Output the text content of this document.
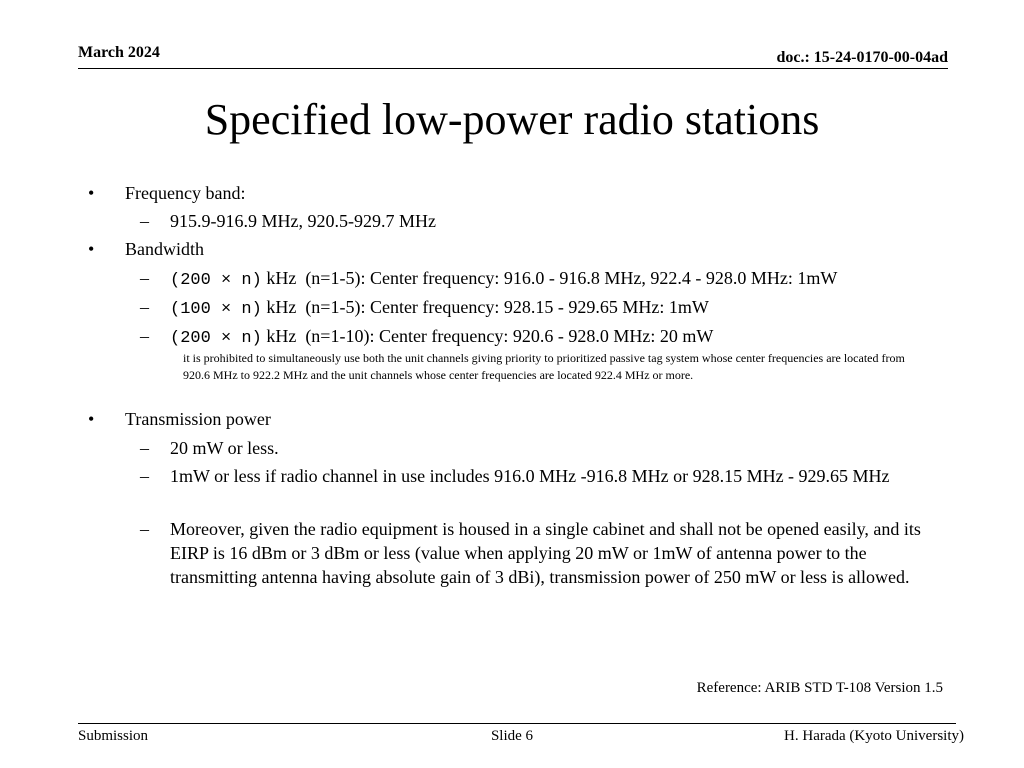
March 2024	doc.: 15-24-0170-00-04ad
Specified low-power radio stations
• Frequency band:
– 915.9-916.9 MHz, 920.5-929.7 MHz
• Bandwidth
– (200 × n) kHz  (n=1-5): Center frequency: 916.0 - 916.8 MHz, 922.4 - 928.0 MHz: 1mW
– (100 × n) kHz  (n=1-5): Center frequency: 928.15 - 929.65 MHz: 1mW
– (200 × n) kHz  (n=1-10): Center frequency: 920.6 - 928.0 MHz: 20 mW
it is prohibited to simultaneously use both the unit channels giving priority to prioritized passive tag system whose center frequencies are located from 920.6 MHz to 922.2 MHz and the unit channels whose center frequencies are located 922.4 MHz or more.
• Transmission power
– 20 mW or less.
– 1mW or less if radio channel in use includes 916.0 MHz -916.8 MHz or 928.15 MHz - 929.65 MHz
– Moreover, given the radio equipment is housed in a single cabinet and shall not be opened easily, and its EIRP is 16 dBm or 3 dBm or less (value when applying 20 mW or 1mW of antenna power to the transmitting antenna having absolute gain of 3 dBi), transmission power of 250 mW or less is allowed.
Reference: ARIB STD T-108 Version 1.5
Submission	Slide 6	H. Harada (Kyoto University)
